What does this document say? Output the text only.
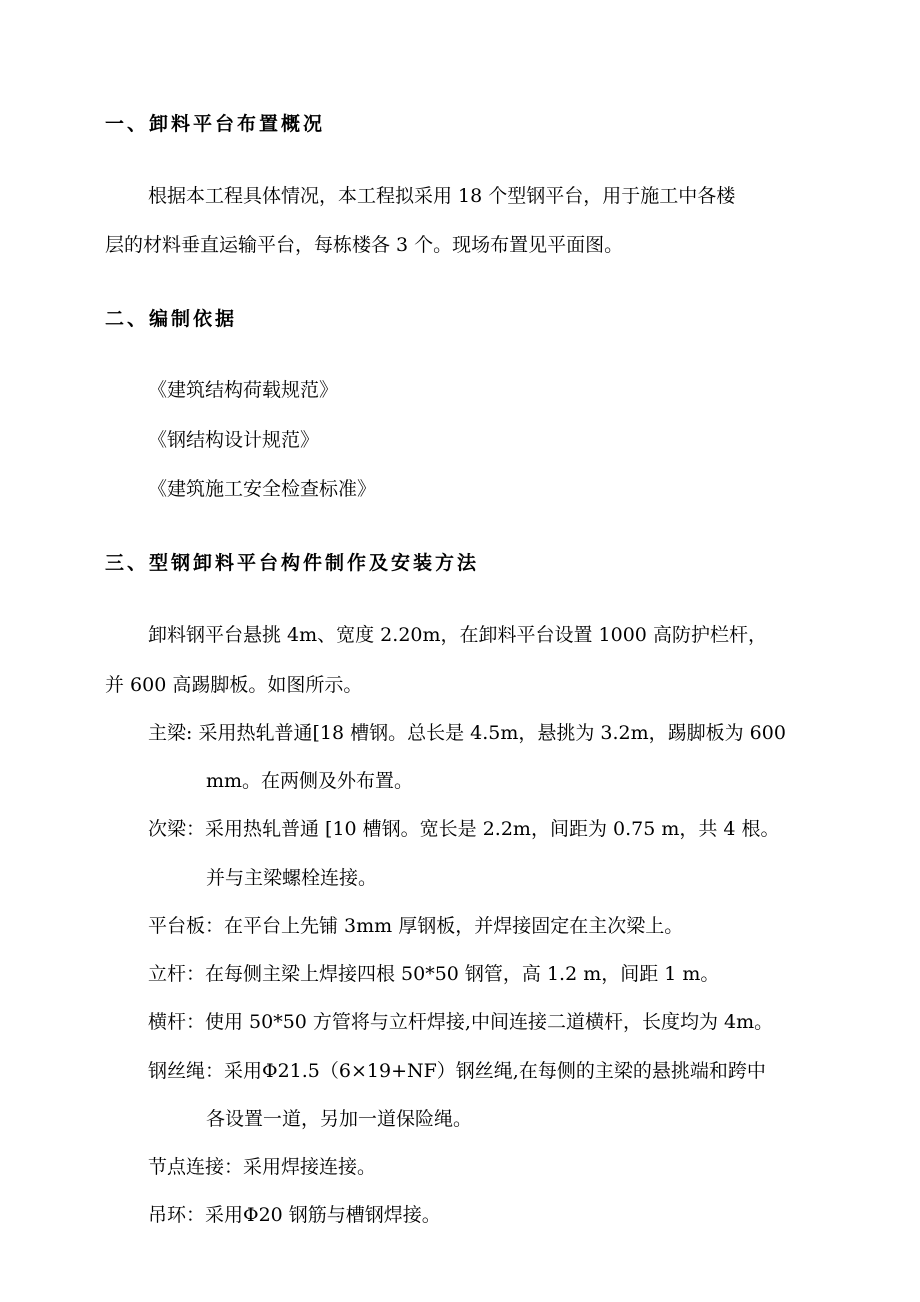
一、卸料平台布置概况
根据本工程具体情况，本工程拟采用 18 个型钢平台，用于施工中各楼
层的材料垂直运输平台，每栋楼各 3 个。现场布置见平面图。
二、编制依据
《建筑结构荷载规范》
《钢结构设计规范》
《建筑施工安全检查标准》
三、型钢卸料平台构件制作及安装方法
卸料钢平台悬挑 4m、宽度 2.20m，在卸料平台设置 1000 高防护栏杆，
并 600 高踢脚板。如图所示。
主梁: 采用热轧普通[18 槽钢。总长是 4.5m，悬挑为 3.2m，踢脚板为 600
mm。在两侧及外布置。
次梁：采用热轧普通 [10 槽钢。宽长是 2.2m，间距为 0.75 m，共 4 根。
并与主梁螺栓连接。
平台板：在平台上先铺 3mm 厚钢板，并焊接固定在主次梁上。
立杆：在每侧主梁上焊接四根 50*50 钢管，高 1.2 m，间距 1 m。
横杆：使用 50*50 方管将与立杆焊接,中间连接二道横杆，长度均为 4m。
钢丝绳：采用Φ21.5（6×19+NF）钢丝绳,在每侧的主梁的悬挑端和跨中
各设置一道，另加一道保险绳。
节点连接：采用焊接连接。
吊环：采用Φ20 钢筋与槽钢焊接。
